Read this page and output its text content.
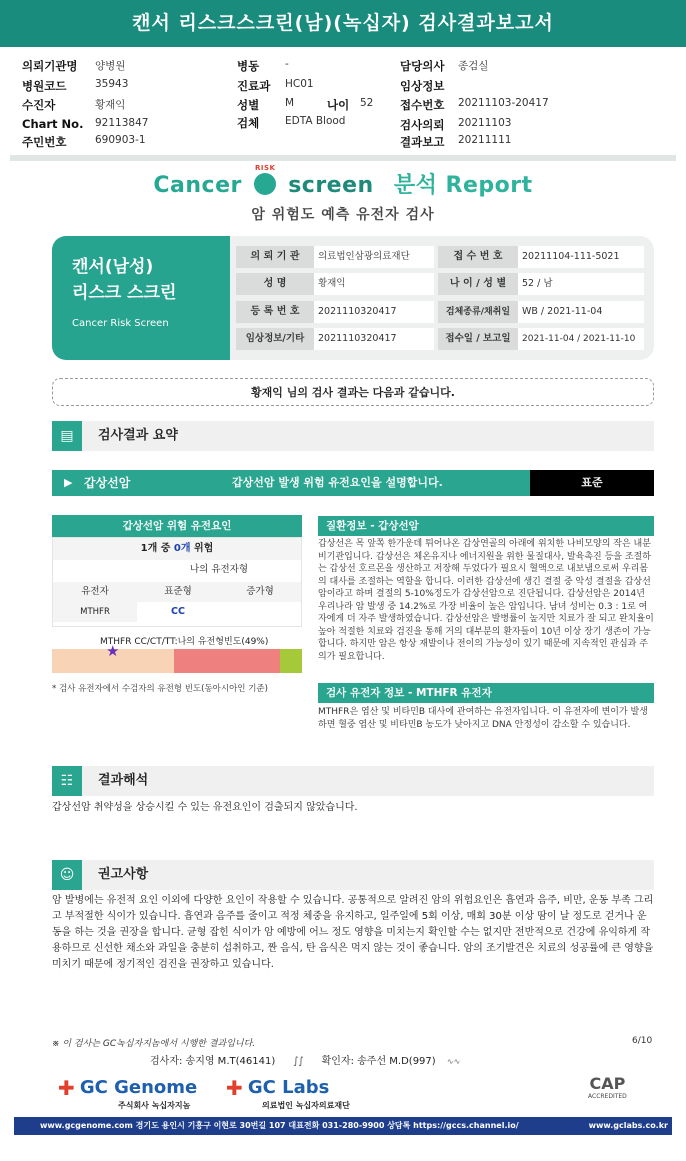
캔서 리스크스크린(남)(녹십자) 검사결과보고서
의뢰기관명 양병원
병원코드	35943
수진자	황재익
Chart No. 92113847
주민번호	690903-1
병동 -
진료과 HC01
성별 M	나이 52
검체 EDTA Blood
담당의사 종검실
임상정보
접수번호 20211103-20417
검사의뢰 20211103
결과보고 20211111
Cancer
RISK
screen 분석 Report
암 위험도 예측 유전자 검사
캔서(남성)
리스크 스크린
Cancer Risk Screen
의 뢰 기 관	의료법인삼광의료재단	접 수 번 호	20211104-111-5021
성 명	황재익	나 이 / 성 별	52 / 남
등 록 번 호	2021110320417	검체종류/채취일	WB / 2021-11-04
임상정보/기타	2021110320417	접수일 / 보고일	2021-11-04 / 2021-11-10
황재익 님의 검사 결과는 다음과 같습니다.
▤	검사결과 요약
▶ 갑상선암	갑상선암 발생 위험 유전요인을 설명합니다.	표준
갑상선암 위험 유전요인
1개 중 0개 위험
나의 유전자형
유전자	표준형	증가형
MTHFR	CC
MTHFR CC/CT/TT:나의 유전형빈도(49%)
★
* 검사 유전자에서 수검자의 유전형 빈도(동아시아인 기준)
질환정보 - 갑상선암
갑상선은 목 앞쪽 한가운데 튀어나온 갑상연골의 아래에 위치한 나비모양의 작은 내분비기관입니다. 갑상선은 체온유지나 에너지원을 위한 물질대사, 발육촉진 등을 조절하는 갑상선 호르몬을 생산하고 저장해 두었다가 필요시 혈액으로 내보냄으로써 우리몸의 대사를 조절하는 역할을 합니다. 이러한 갑상선에 생긴 결절 중 악성 결절을 갑상선암이라고 하며 결절의 5-10%정도가 갑상선암으로 진단됩니다. 갑상선암은 2014년 우리나라 암 발생 중 14.2%로 가장 비율이 높은 암입니다. 남녀 성비는 0.3 : 1로 여자에게 더 자주 발생하였습니다. 갑상선암은 발병률이 높지만 치료가 잘 되고 완치율이 높아 적절한 치료와 검진을 통해 거의 대부분의 환자들이 10년 이상 장기 생존이 가능합니다. 하지만 암은 항상 재발이나 전이의 가능성이 있기 때문에 지속적인 관심과 주의가 필요합니다.
검사 유전자 정보 - MTHFR 유전자
MTHFR은 엽산 및 비타민B 대사에 관여하는 유전자입니다. 이 유전자에 변이가 발생하면 혈중 엽산 및 비타민B 농도가 낮아지고 DNA 안정성이 감소할 수 있습니다.
☷	결과해석
갑상선암 취약성을 상승시킬 수 있는 유전요인이 검출되지 않았습니다.
☺	권고사항
암 발병에는 유전적 요인 이외에 다양한 요인이 작용할 수 있습니다. 공통적으로 알려진 암의 위험요인은 흡연과 음주, 비만, 운동 부족 그리고 부적절한 식이가 있습니다. 흡연과 음주를 줄이고 적정 체중을 유지하고, 일주일에 5회 이상, 매회 30분 이상 땀이 날 정도로 걷거나 운동을 하는 것을 권장을 합니다. 균형 잡힌 식이가 암 예방에 어느 정도 영향을 미치는지 확인할 수는 없지만 전반적으로 건강에 유익하게 작용하므로 신선한 채소와 과일을 충분히 섭취하고, 짠 음식, 탄 음식은 먹지 않는 것이 좋습니다. 암의 조기발견은 치료의 성공률에 큰 영향을 미치기 때문에 정기적인 검진을 권장하고 있습니다.
※ 이 검사는 GC녹십자지놈에서 시행한 결과입니다.	6/10
검사자: 송지영 M.T(46141) ∫∫ 확인자: 송주선 M.D(997) ∿∿
✚ GC Genome
주식회사 녹십자지놈
✚ GC Labs
의료법인 녹십자의료재단
CAP
ACCREDITED
www.gcgenome.com 경기도 용인시 기흥구 이현로 30번길 107 대표전화 031-280-9900 상담톡 https://gccs.channel.io/	www.gclabs.co.kr
